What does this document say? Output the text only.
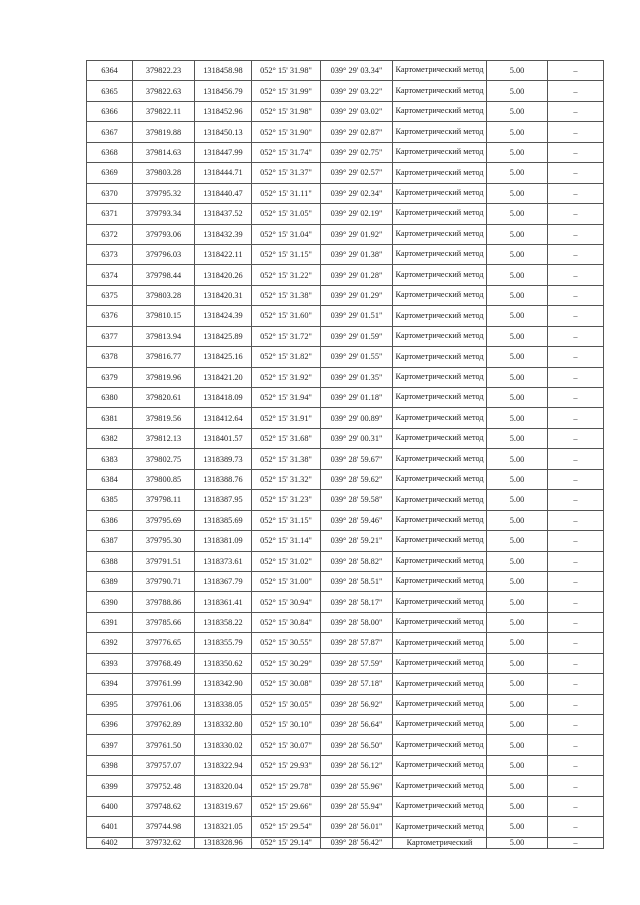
6364	379822.23	1318458.98	052° 15' 31.98"	039° 29' 03.34"	Картометрический метод	5.00	–
6365	379822.63	1318456.79	052° 15' 31.99"	039° 29' 03.22"	Картометрический метод	5.00	–
6366	379822.11	1318452.96	052° 15' 31.98"	039° 29' 03.02"	Картометрический метод	5.00	–
6367	379819.88	1318450.13	052° 15' 31.90"	039° 29' 02.87"	Картометрический метод	5.00	–
6368	379814.63	1318447.99	052° 15' 31.74"	039° 29' 02.75"	Картометрический метод	5.00	–
6369	379803.28	1318444.71	052° 15' 31.37"	039° 29' 02.57"	Картометрический метод	5.00	–
6370	379795.32	1318440.47	052° 15' 31.11"	039° 29' 02.34"	Картометрический метод	5.00	–
6371	379793.34	1318437.52	052° 15' 31.05"	039° 29' 02.19"	Картометрический метод	5.00	–
6372	379793.06	1318432.39	052° 15' 31.04"	039° 29' 01.92"	Картометрический метод	5.00	–
6373	379796.03	1318422.11	052° 15' 31.15"	039° 29' 01.38"	Картометрический метод	5.00	–
6374	379798.44	1318420.26	052° 15' 31.22"	039° 29' 01.28"	Картометрический метод	5.00	–
6375	379803.28	1318420.31	052° 15' 31.38"	039° 29' 01.29"	Картометрический метод	5.00	–
6376	379810.15	1318424.39	052° 15' 31.60"	039° 29' 01.51"	Картометрический метод	5.00	–
6377	379813.94	1318425.89	052° 15' 31.72"	039° 29' 01.59"	Картометрический метод	5.00	–
6378	379816.77	1318425.16	052° 15' 31.82"	039° 29' 01.55"	Картометрический метод	5.00	–
6379	379819.96	1318421.20	052° 15' 31.92"	039° 29' 01.35"	Картометрический метод	5.00	–
6380	379820.61	1318418.09	052° 15' 31.94"	039° 29' 01.18"	Картометрический метод	5.00	–
6381	379819.56	1318412.64	052° 15' 31.91"	039° 29' 00.89"	Картометрический метод	5.00	–
6382	379812.13	1318401.57	052° 15' 31.68"	039° 29' 00.31"	Картометрический метод	5.00	–
6383	379802.75	1318389.73	052° 15' 31.38"	039° 28' 59.67"	Картометрический метод	5.00	–
6384	379800.85	1318388.76	052° 15' 31.32"	039° 28' 59.62"	Картометрический метод	5.00	–
6385	379798.11	1318387.95	052° 15' 31.23"	039° 28' 59.58"	Картометрический метод	5.00	–
6386	379795.69	1318385.69	052° 15' 31.15"	039° 28' 59.46"	Картометрический метод	5.00	–
6387	379795.30	1318381.09	052° 15' 31.14"	039° 28' 59.21"	Картометрический метод	5.00	–
6388	379791.51	1318373.61	052° 15' 31.02"	039° 28' 58.82"	Картометрический метод	5.00	–
6389	379790.71	1318367.79	052° 15' 31.00"	039° 28' 58.51"	Картометрический метод	5.00	–
6390	379788.86	1318361.41	052° 15' 30.94"	039° 28' 58.17"	Картометрический метод	5.00	–
6391	379785.66	1318358.22	052° 15' 30.84"	039° 28' 58.00"	Картометрический метод	5.00	–
6392	379776.65	1318355.79	052° 15' 30.55"	039° 28' 57.87"	Картометрический метод	5.00	–
6393	379768.49	1318350.62	052° 15' 30.29"	039° 28' 57.59"	Картометрический метод	5.00	–
6394	379761.99	1318342.90	052° 15' 30.08"	039° 28' 57.18"	Картометрический метод	5.00	–
6395	379761.06	1318338.05	052° 15' 30.05"	039° 28' 56.92"	Картометрический метод	5.00	–
6396	379762.89	1318332.80	052° 15' 30.10"	039° 28' 56.64"	Картометрический метод	5.00	–
6397	379761.50	1318330.02	052° 15' 30.07"	039° 28' 56.50"	Картометрический метод	5.00	–
6398	379757.07	1318322.94	052° 15' 29.93"	039° 28' 56.12"	Картометрический метод	5.00	–
6399	379752.48	1318320.04	052° 15' 29.78"	039° 28' 55.96"	Картометрический метод	5.00	–
6400	379748.62	1318319.67	052° 15' 29.66"	039° 28' 55.94"	Картометрический метод	5.00	–
6401	379744.98	1318321.05	052° 15' 29.54"	039° 28' 56.01"	Картометрический метод	5.00	–
6402	379732.62	1318328.96	052° 15' 29.14"	039° 28' 56.42"	Картометрический	5.00	–
